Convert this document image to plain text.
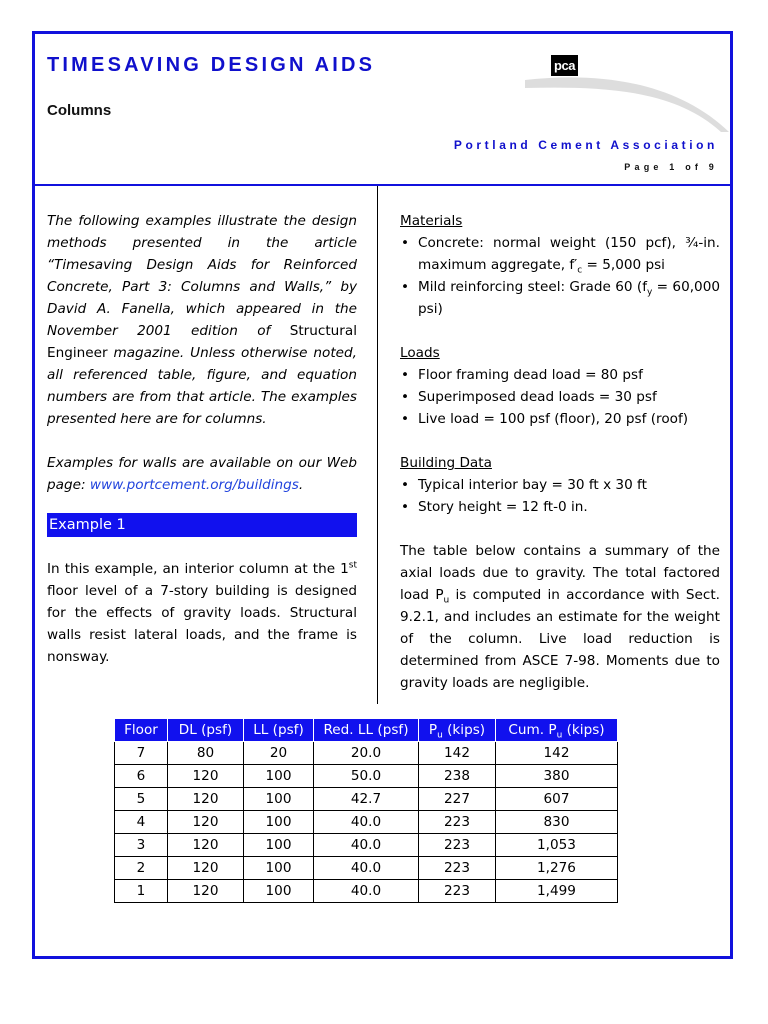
TIMESAVING DESIGN AIDS

Columns

pca

Portland Cement Association

Page 1 of 9

The following examples illustrate the design methods presented in the article “Timesaving Design Aids for Reinforced Concrete, Part 3: Columns and Walls,” by David A. Fanella, which appeared in the November 2001 edition of Structural Engineer magazine. Unless otherwise noted, all referenced table, figure, and equation numbers are from that article. The examples presented here are for columns.

Examples for walls are available on our Web page: www.portcement.org/buildings.

Example 1

In this example, an interior column at the 1st floor level of a 7-story building is designed for the effects of gravity loads. Structural walls resist lateral loads, and the frame is nonsway.

Materials

• Concrete: normal weight (150 pcf), ¾-in. maximum aggregate, $f'_c = 5,000$ psi
• Mild reinforcing steel: Grade 60 ($f_y = 60,000$ psi)

Loads

• Floor framing dead load = 80 psf
• Superimposed dead loads = 30 psf
• Live load = 100 psf (floor), 20 psf (roof)

Building Data

• Typical interior bay = 30 ft x 30 ft
• Story height = 12 ft-0 in.

The table below contains a summary of the axial loads due to gravity. The total factored load $P_u$ is computed in accordance with Sect. 9.2.1, and includes an estimate for the weight of the column. Live load reduction is determined from ASCE 7-98. Moments due to gravity loads are negligible.

Floor	DL (psf)	LL (psf)	Red. LL (psf)	$P_u$ (kips)	Cum. $P_u$ (kips)
7	80	20	20.0	142	142
6	120	100	50.0	238	380
5	120	100	42.7	227	607
4	120	100	40.0	223	830
3	120	100	40.0	223	1,053
2	120	100	40.0	223	1,276
1	120	100	40.0	223	1,499
